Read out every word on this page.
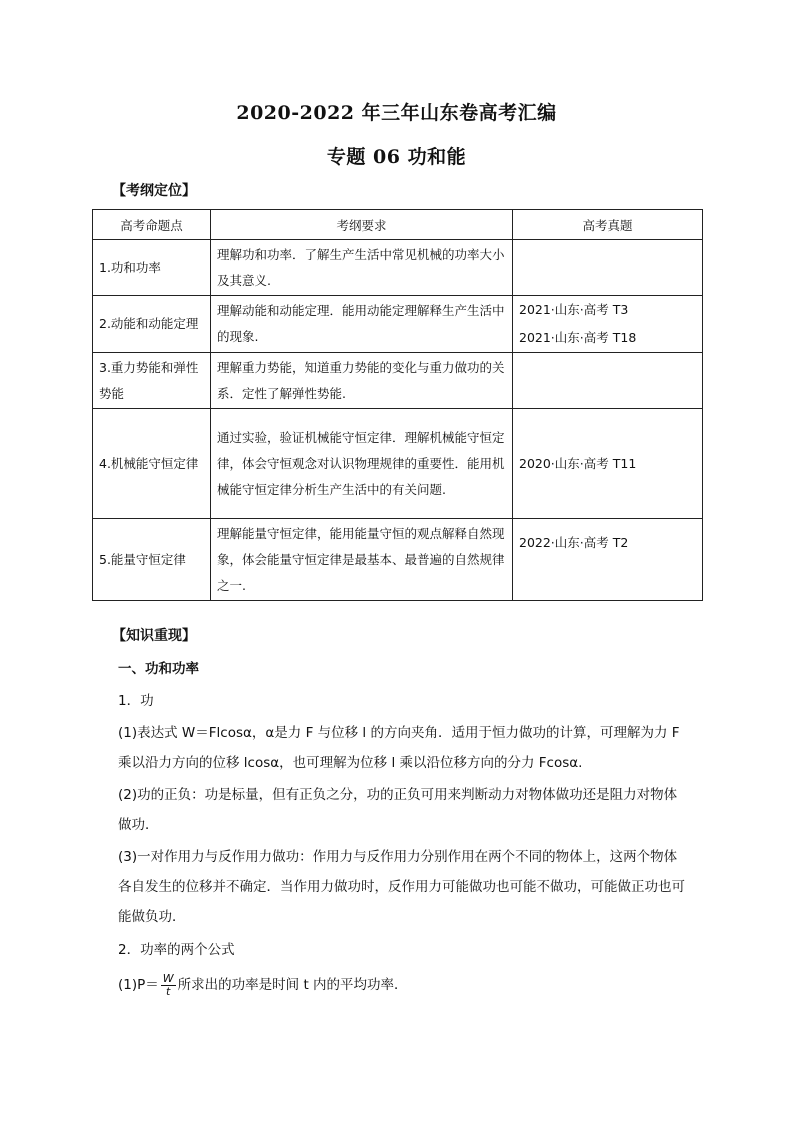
2020-2022 年三年山东卷高考汇编
专题 06 功和能
【考纲定位】
高考命题点	考纲要求	高考真题
1.功和功率	理解功和功率．了解生产生活中常见机械的功率大小及其意义.	
2.动能和动能定理	理解动能和动能定理．能用动能定理解释生产生活中的现象.	2021·山东·高考 T3
2021·山东·高考 T18

3.重力势能和弹性势能	理解重力势能，知道重力势能的变化与重力做功的关系．定性了解弹性势能.	
4.机械能守恒定律	通过实验，验证机械能守恒定律．理解机械能守恒定律，体会守恒观念对认识物理规律的重要性．能用机械能守恒定律分析生产生活中的有关问题.	2020·山东·高考 T11

5.能量守恒定律	理解能量守恒定律，能用能量守恒的观点解释自然现象，体会能量守恒定律是最基本、最普遍的自然规律之一.	2022·山东·高考 T2
【知识重现】
一、功和功率
1．功
(1)表达式 W＝Flcosα，α是力 F 与位移 l 的方向夹角．适用于恒力做功的计算，可理解为力 F 乘以沿力方向的位移 lcosα，也可理解为位移 l 乘以沿位移方向的分力 Fcosα.
(2)功的正负：功是标量，但有正负之分，功的正负可用来判断动力对物体做功还是阻力对物体做功．
(3)一对作用力与反作用力做功：作用力与反作用力分别作用在两个不同的物体上，这两个物体各自发生的位移并不确定．当作用力做功时，反作用力可能做功也可能不做功，可能做正功也可能做负功．
2．功率的两个公式
$(1)P= \frac{W}{t}$ 所求出的功率是时间 t 内的平均功率．
